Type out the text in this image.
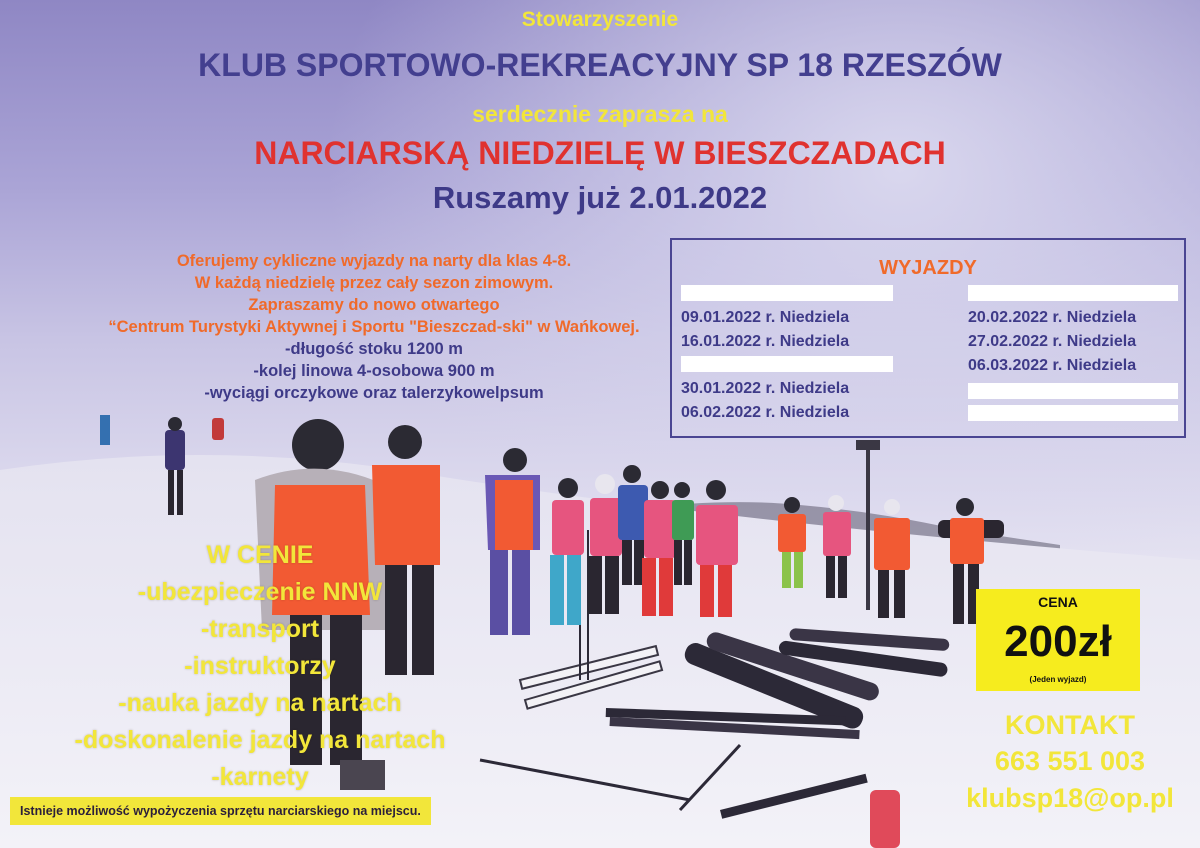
Stowarzyszenie
KLUB SPORTOWO-REKREACYJNY SP 18 RZESZÓW
serdecznie zaprasza na
NARCIARSKĄ NIEDZIELĘ W BIESZCZADACH
Ruszamy już 2.01.2022
Oferujemy cykliczne wyjazdy na narty dla klas 4-8.
W każdą niedzielę przez cały sezon zimowym.
Zapraszamy do nowo otwartego
“Centrum Turystyki Aktywnej i Sportu "Bieszczad-ski" w Wańkowej.
-długość stoku 1200 m
-kolej linowa 4-osobowa 900 m
-wyciągi orczykowe oraz talerzykowelpsum
WYJAZDY
09.01.2022 r. Niedziela
16.01.2022 r. Niedziela
30.01.2022 r. Niedziela
06.02.2022 r. Niedziela
20.02.2022 r. Niedziela
27.02.2022 r. Niedziela
06.03.2022 r. Niedziela
W CENIE
-ubezpieczenie NNW
-transport
-instruktorzy
-nauka jazdy na nartach
-doskonalenie jazdy na nartach
-karnety
Istnieje możliwość wypożyczenia sprzętu narciarskiego na miejscu.
CENA
200zł
(Jeden wyjazd)
KONTAKT
663 551 003
klubsp18@op.pl
